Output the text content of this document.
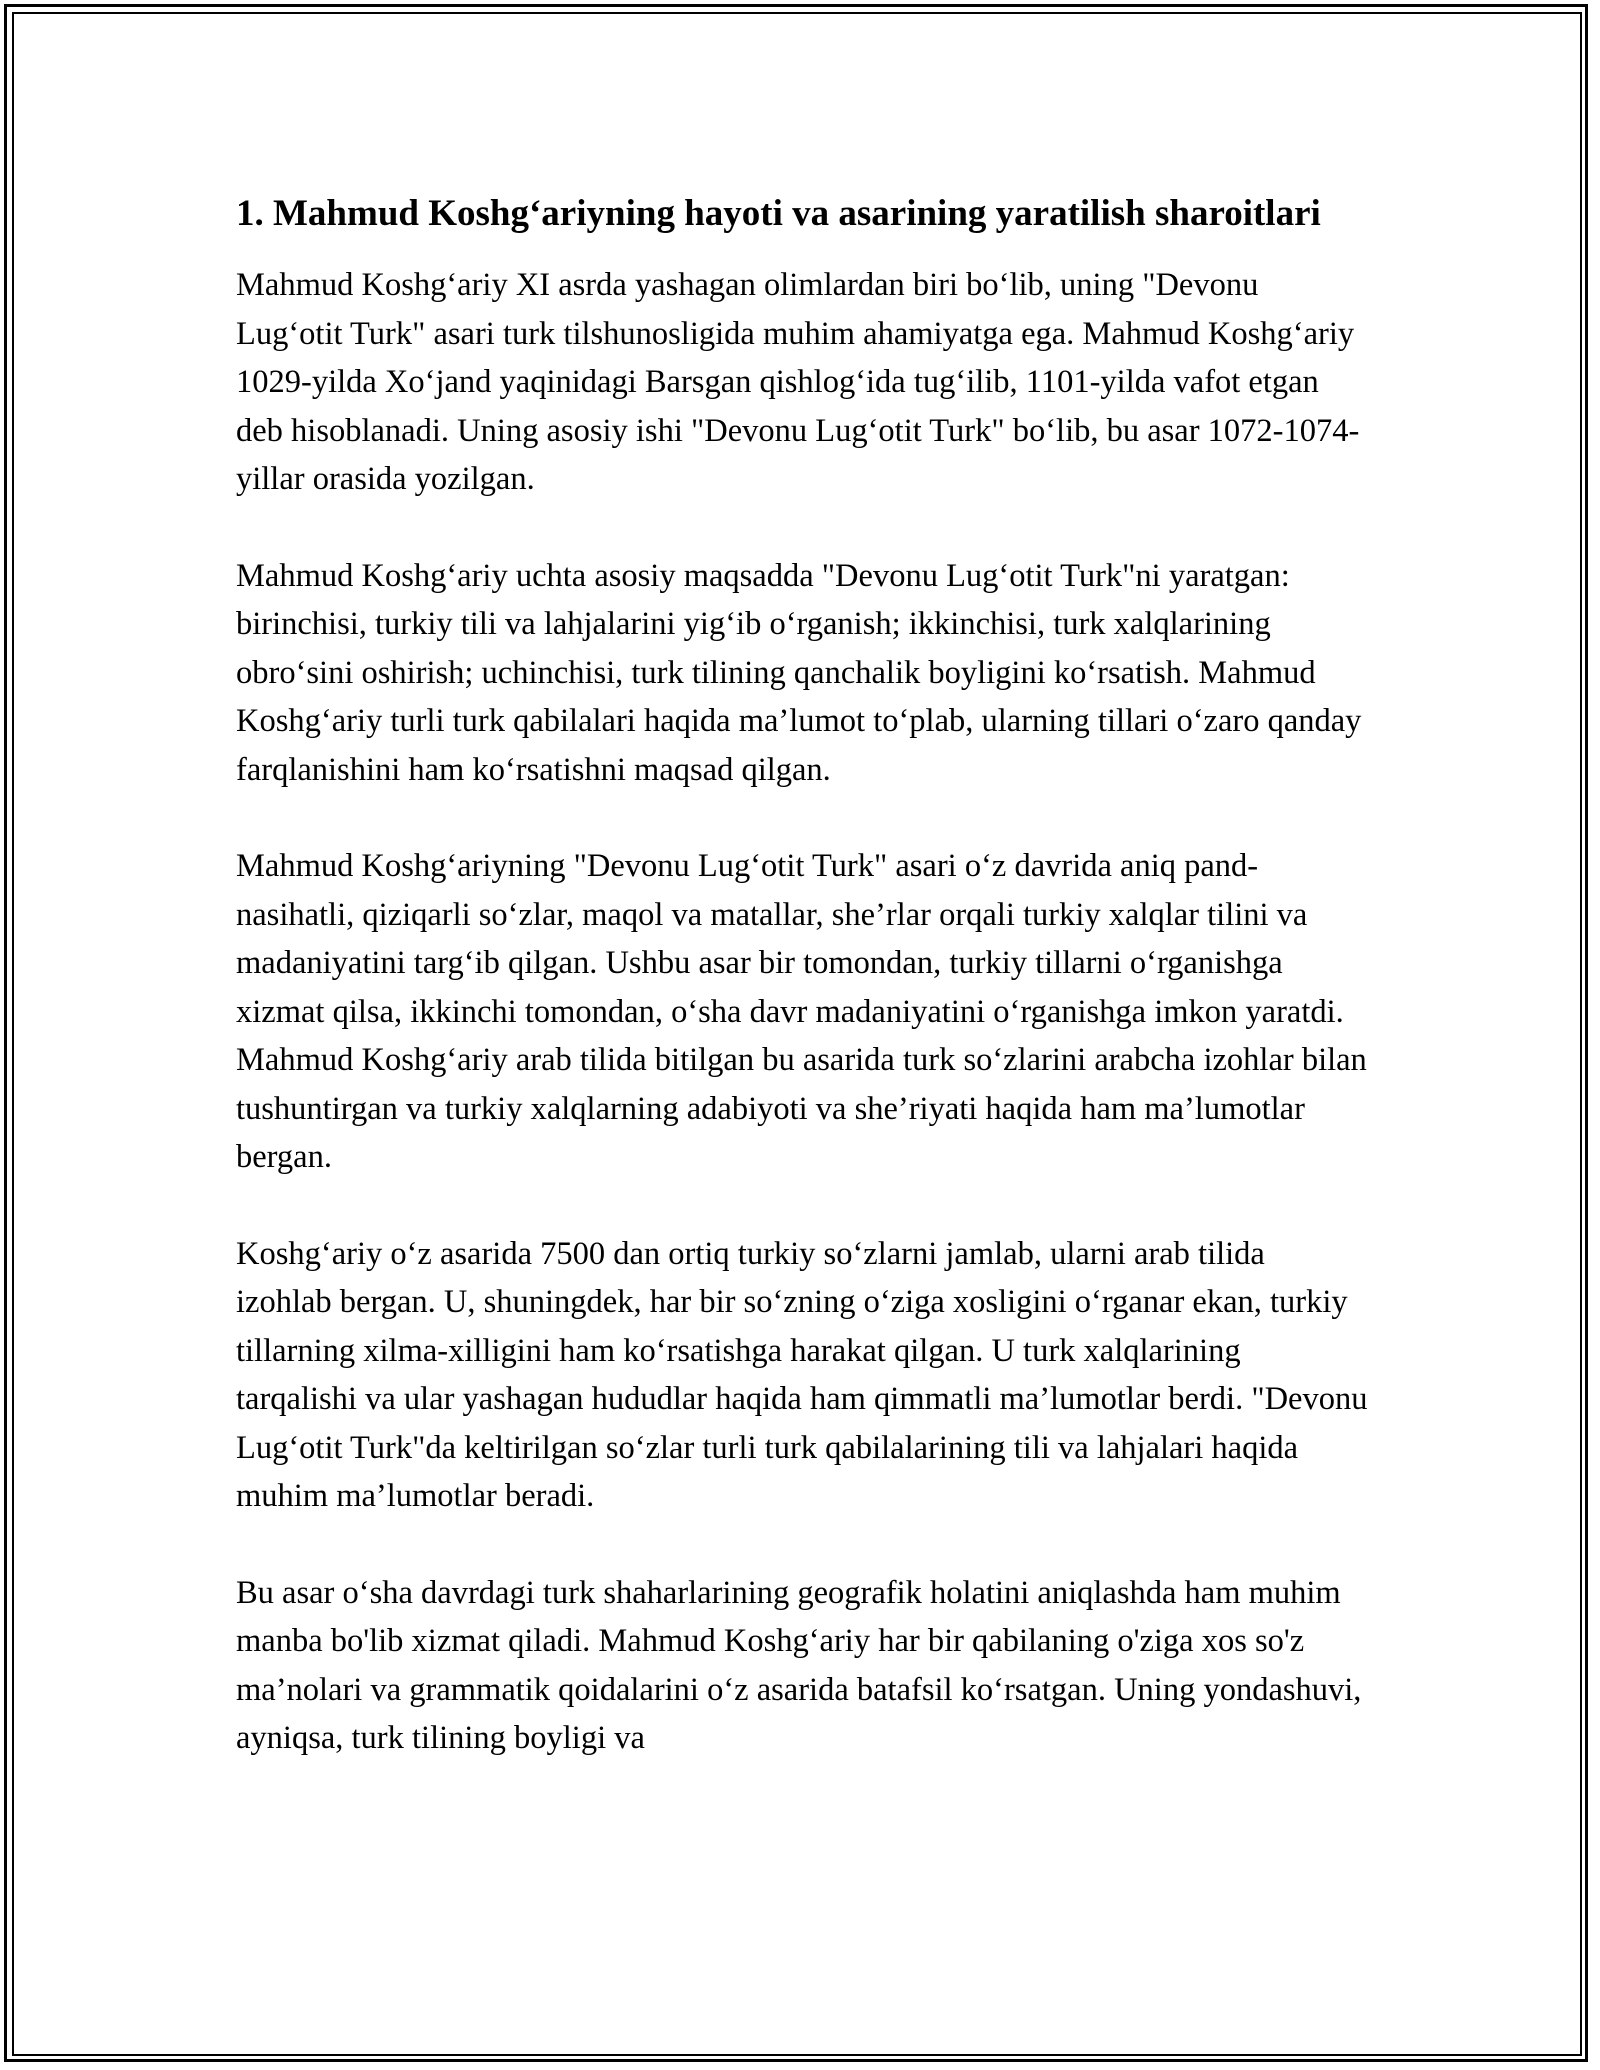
1. Mahmud Koshg‘ariyning hayoti va asarining yaratilish sharoitlari

Mahmud Koshg‘ariy XI asrda yashagan olimlardan biri bo‘lib, uning "Devonu Lug‘otit Turk" asari turk tilshunosligida muhim ahamiyatga ega. Mahmud Koshg‘ariy 1029-yilda Xo‘jand yaqinidagi Barsgan qishlog‘ida tug‘ilib, 1101-yilda vafot etgan deb hisoblanadi. Uning asosiy ishi "Devonu Lug‘otit Turk" bo‘lib, bu asar 1072-1074-yillar orasida yozilgan.

Mahmud Koshg‘ariy uchta asosiy maqsadda "Devonu Lug‘otit Turk"ni yaratgan: birinchisi, turkiy tili va lahjalarini yig‘ib o‘rganish; ikkinchisi, turk xalqlarining obro‘sini oshirish; uchinchisi, turk tilining qanchalik boyligini ko‘rsatish. Mahmud Koshg‘ariy turli turk qabilalari haqida ma’lumot to‘plab, ularning tillari o‘zaro qanday farqlanishini ham ko‘rsatishni maqsad qilgan.

Mahmud Koshg‘ariyning "Devonu Lug‘otit Turk" asari o‘z davrida aniq pand-nasihatli, qiziqarli so‘zlar, maqol va matallar, she’rlar orqali turkiy xalqlar tilini va madaniyatini targ‘ib qilgan. Ushbu asar bir tomondan, turkiy tillarni o‘rganishga xizmat qilsa, ikkinchi tomondan, o‘sha davr madaniyatini o‘rganishga imkon yaratdi. Mahmud Koshg‘ariy arab tilida bitilgan bu asarida turk so‘zlarini arabcha izohlar bilan tushuntirgan va turkiy xalqlarning adabiyoti va she’riyati haqida ham ma’lumotlar bergan.

Koshg‘ariy o‘z asarida 7500 dan ortiq turkiy so‘zlarni jamlab, ularni arab tilida izohlab bergan. U, shuningdek, har bir so‘zning o‘ziga xosligini o‘rganar ekan, turkiy tillarning xilma-xilligini ham ko‘rsatishga harakat qilgan. U turk xalqlarining tarqalishi va ular yashagan hududlar haqida ham qimmatli ma’lumotlar berdi. "Devonu Lug‘otit Turk"da keltirilgan so‘zlar turli turk qabilalarining tili va lahjalari haqida muhim ma’lumotlar beradi.

Bu asar o‘sha davrdagi turk shaharlarining geografik holatini aniqlashda ham muhim manba bo'lib xizmat qiladi. Mahmud Koshg‘ariy har bir qabilaning o'ziga xos so'z ma’nolari va grammatik qoidalarini o‘z asarida batafsil ko‘rsatgan. Uning yondashuvi, ayniqsa, turk tilining boyligi va
